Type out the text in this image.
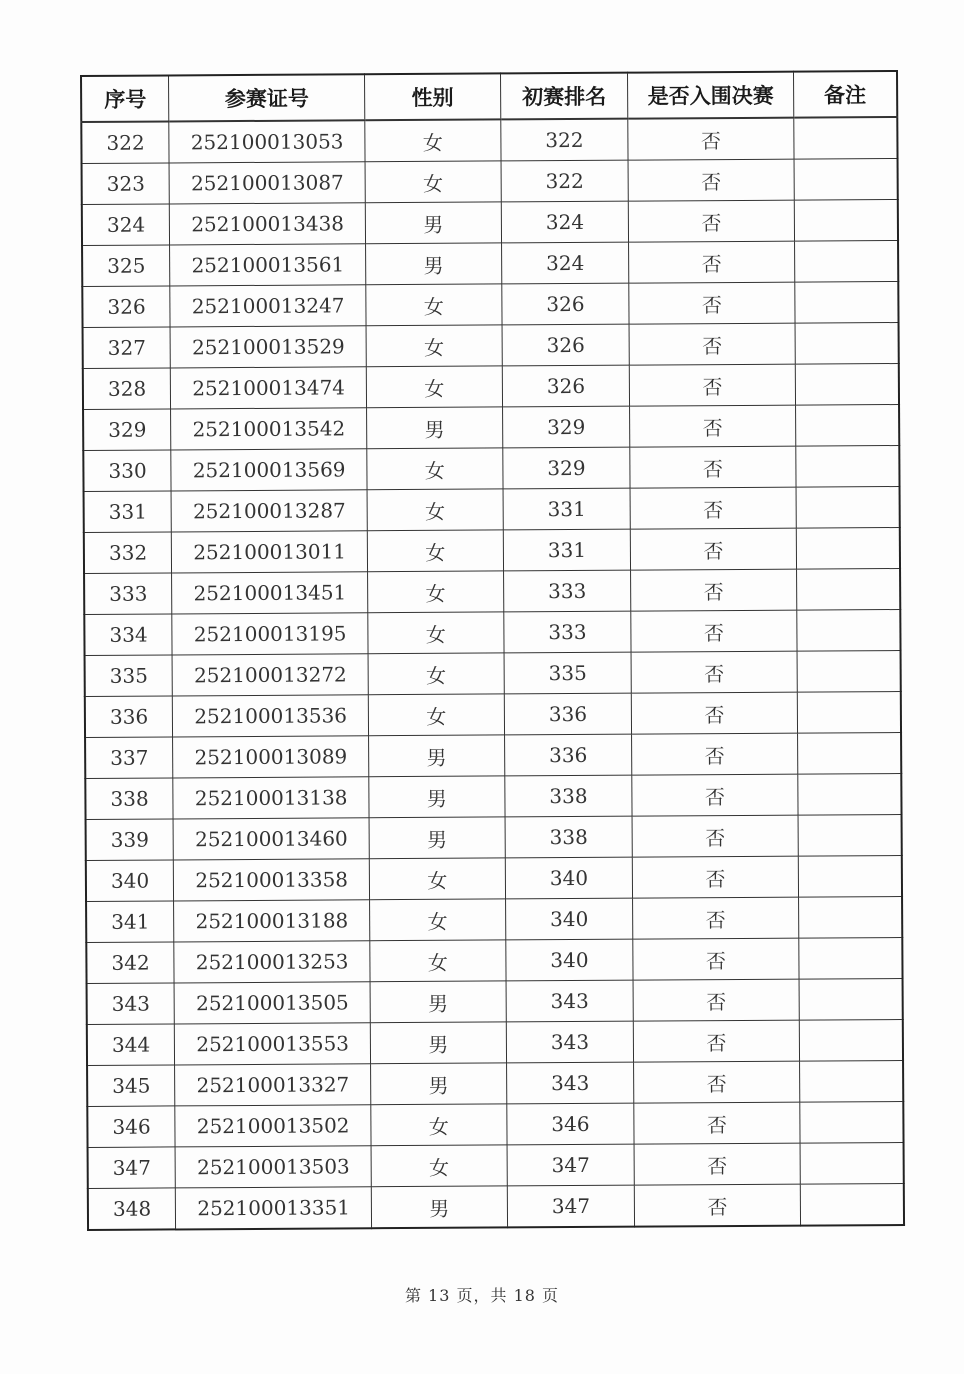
序号	参赛证号	性别	初赛排名	是否入围决赛	备注
322	252100013053	女	322	否	
323	252100013087	女	322	否	
324	252100013438	男	324	否	
325	252100013561	男	324	否	
326	252100013247	女	326	否	
327	252100013529	女	326	否	
328	252100013474	女	326	否	
329	252100013542	男	329	否	
330	252100013569	女	329	否	
331	252100013287	女	331	否	
332	252100013011	女	331	否	
333	252100013451	女	333	否	
334	252100013195	女	333	否	
335	252100013272	女	335	否	
336	252100013536	女	336	否	
337	252100013089	男	336	否	
338	252100013138	男	338	否	
339	252100013460	男	338	否	
340	252100013358	女	340	否	
341	252100013188	女	340	否	
342	252100013253	女	340	否	
343	252100013505	男	343	否	
344	252100013553	男	343	否	
345	252100013327	男	343	否	
346	252100013502	女	346	否	
347	252100013503	女	347	否	
348	252100013351	男	347	否	
第 13 页，共 18 页
